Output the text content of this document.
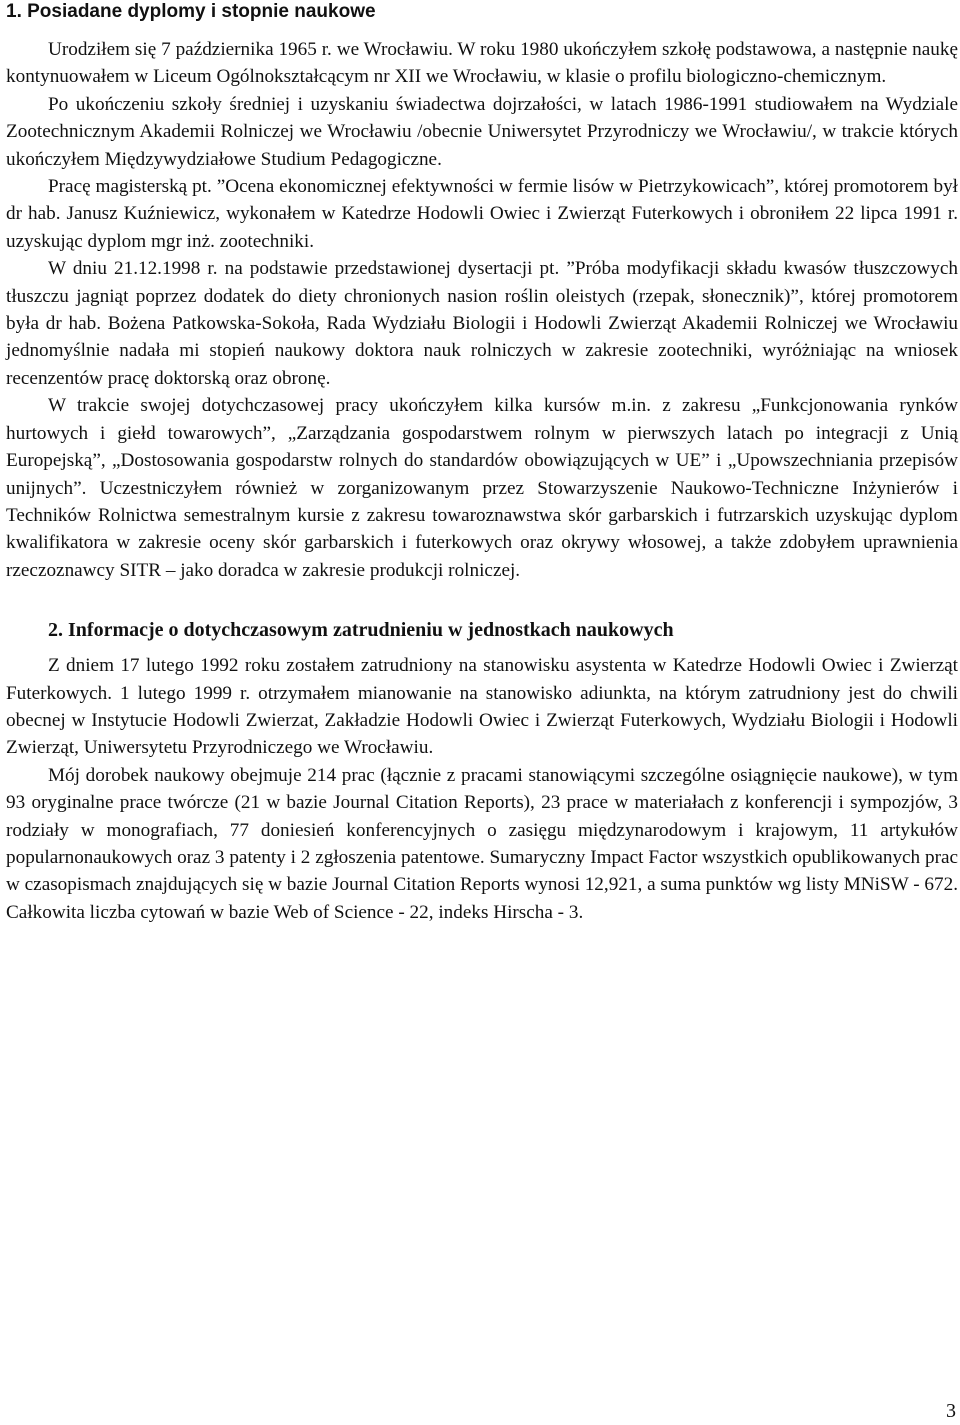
1. Posiadane dyplomy i stopnie naukowe

Urodziłem się 7 października 1965 r. we Wrocławiu. W roku 1980 ukończyłem szkołę podstawowa, a następnie naukę kontynuowałem w Liceum Ogólnokształcącym nr XII we Wrocławiu, w klasie o profilu biologiczno-chemicznym.

Po ukończeniu szkoły średniej i uzyskaniu świadectwa dojrzałości, w latach 1986-1991 studiowałem na Wydziale Zootechnicznym Akademii Rolniczej we Wrocławiu /obecnie Uniwersytet Przyrodniczy we Wrocławiu/, w trakcie których ukończyłem Międzywydziałowe Studium Pedagogiczne.

Pracę magisterską pt. ”Ocena ekonomicznej efektywności w fermie lisów w Pietrzykowicach”, której promotorem był dr hab. Janusz Kuźniewicz, wykonałem w Katedrze Hodowli Owiec i Zwierząt Futerkowych i obroniłem 22 lipca 1991 r. uzyskując dyplom mgr inż. zootechniki.

W dniu 21.12.1998 r. na podstawie przedstawionej dysertacji pt. ”Próba modyfikacji składu kwasów tłuszczowych tłuszczu jagniąt poprzez dodatek do diety chronionych nasion roślin oleistych (rzepak, słonecznik)”, której promotorem była dr hab. Bożena Patkowska-Sokoła, Rada Wydziału Biologii i Hodowli Zwierząt Akademii Rolniczej we Wrocławiu jednomyślnie nadała mi stopień naukowy doktora nauk rolniczych w zakresie zootechniki, wyróżniając na wniosek recenzentów pracę doktorską oraz obronę.

W trakcie swojej dotychczasowej pracy ukończyłem kilka kursów m.in. z zakresu „Funkcjonowania rynków hurtowych i giełd towarowych”, „Zarządzania gospodarstwem rolnym w pierwszych latach po integracji z Unią Europejską”, „Dostosowania gospodarstw rolnych do standardów obowiązujących w UE” i „Upowszechniania przepisów unijnych”. Uczestniczyłem również w zorganizowanym przez Stowarzyszenie Naukowo-Techniczne Inżynierów i Techników Rolnictwa semestralnym kursie z zakresu towaroznawstwa skór garbarskich i futrzarskich uzyskując dyplom kwalifikatora w zakresie oceny skór garbarskich i futerkowych oraz okrywy włosowej, a także zdobyłem uprawnienia rzeczoznawcy SITR – jako doradca w zakresie produkcji rolniczej.

2. Informacje o dotychczasowym zatrudnieniu w jednostkach naukowych

Z dniem 17 lutego 1992 roku zostałem zatrudniony na stanowisku asystenta w Katedrze Hodowli Owiec i Zwierząt Futerkowych. 1 lutego 1999 r. otrzymałem mianowanie na stanowisko adiunkta, na którym zatrudniony jest do chwili obecnej w Instytucie Hodowli Zwierzat, Zakładzie Hodowli Owiec i Zwierząt Futerkowych, Wydziału Biologii i Hodowli Zwierząt, Uniwersytetu Przyrodniczego we Wrocławiu.

Mój dorobek naukowy obejmuje 214 prac (łącznie z pracami stanowiącymi szczególne osiągnięcie naukowe), w tym 93 oryginalne prace twórcze (21 w bazie Journal Citation Reports), 23 prace w materiałach z konferencji i sympozjów, 3 rodziały w monografiach, 77 doniesień konferencyjnych o zasięgu międzynarodowym i krajowym, 11 artykułów popularnonaukowych oraz 3 patenty i 2 zgłoszenia patentowe. Sumaryczny Impact Factor wszystkich opublikowanych prac w czasopismach znajdujących się w bazie Journal Citation Reports wynosi 12,921, a suma punktów wg listy MNiSW - 672. Całkowita liczba cytowań w bazie Web of Science - 22, indeks Hirscha - 3.

3
